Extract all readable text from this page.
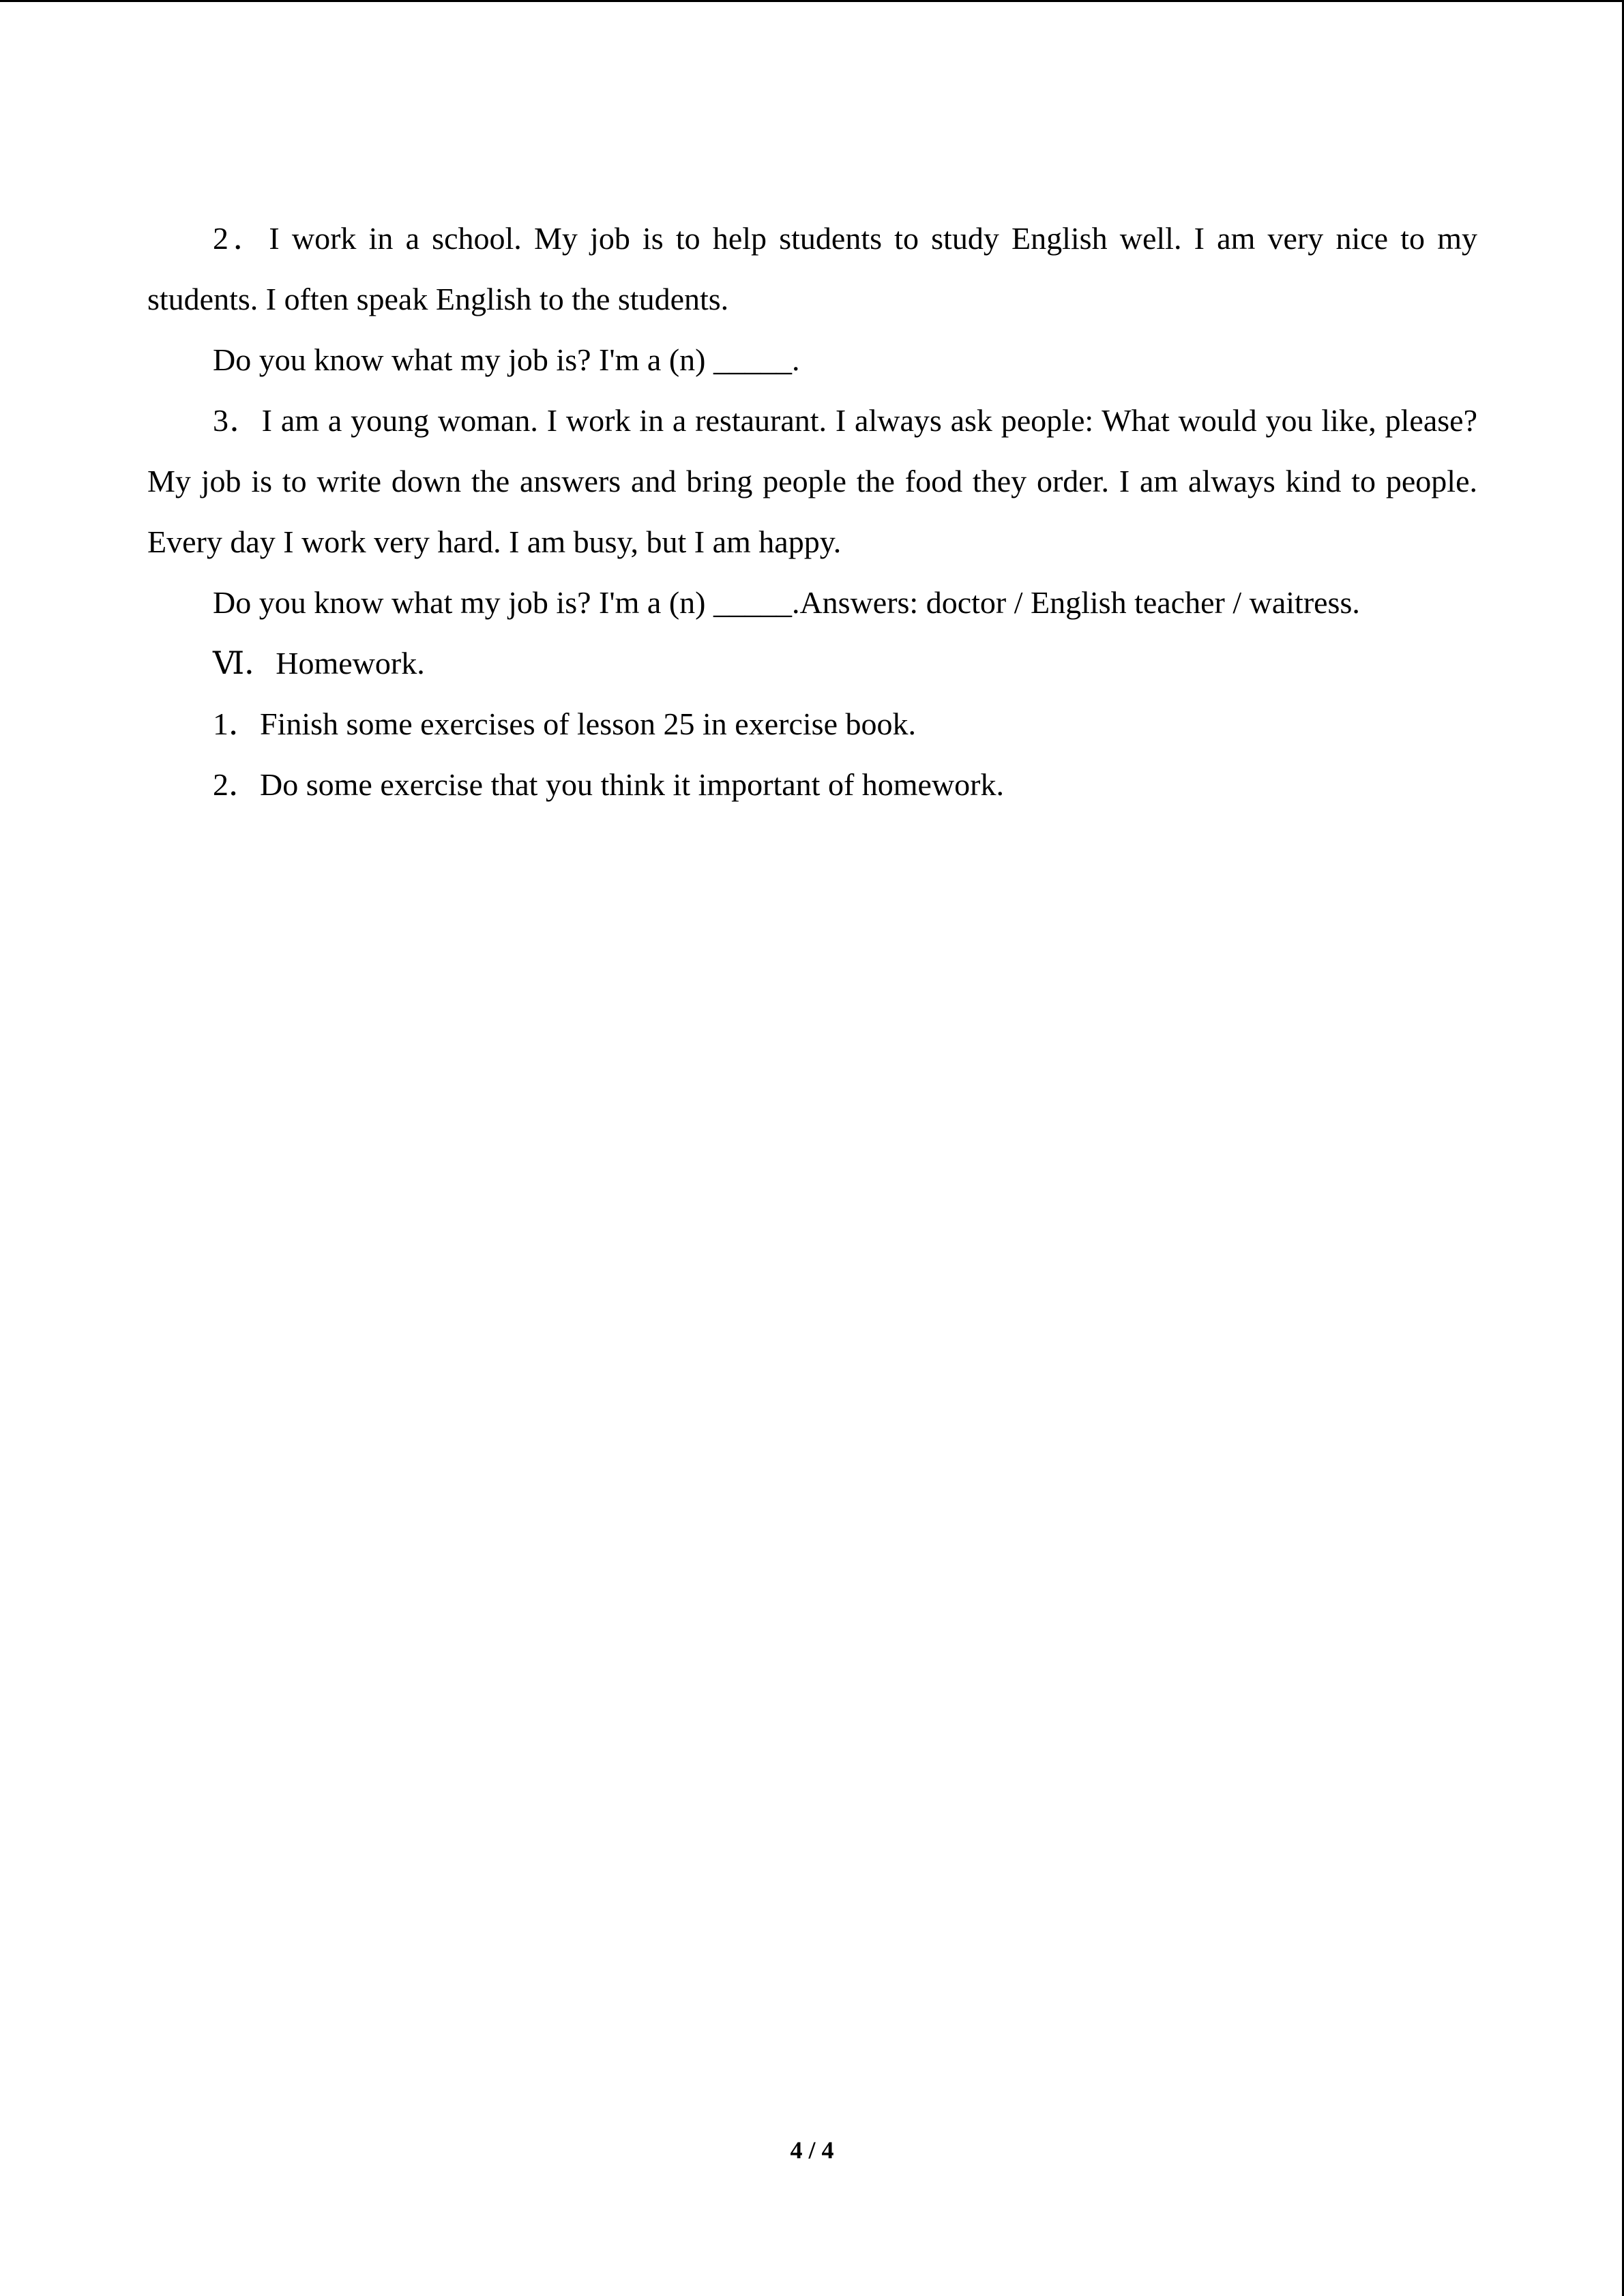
2．I work in a school. My job is to help students to study English well. I am very nice to my students. I often speak English to the students.

Do you know what my job is? I'm a (n) _____.

3．I am a young woman. I work in a restaurant. I always ask people: What would you like, please? My job is to write down the answers and bring people the food they order. I am always kind to people. Every day I work very hard. I am busy, but I am happy.

Do you know what my job is? I'm a (n) _____.Answers: doctor / English teacher / waitress.

Ⅵ．Homework.

1．Finish some exercises of lesson 25 in exercise book.

2．Do some exercise that you think it important of homework.

4 / 4
